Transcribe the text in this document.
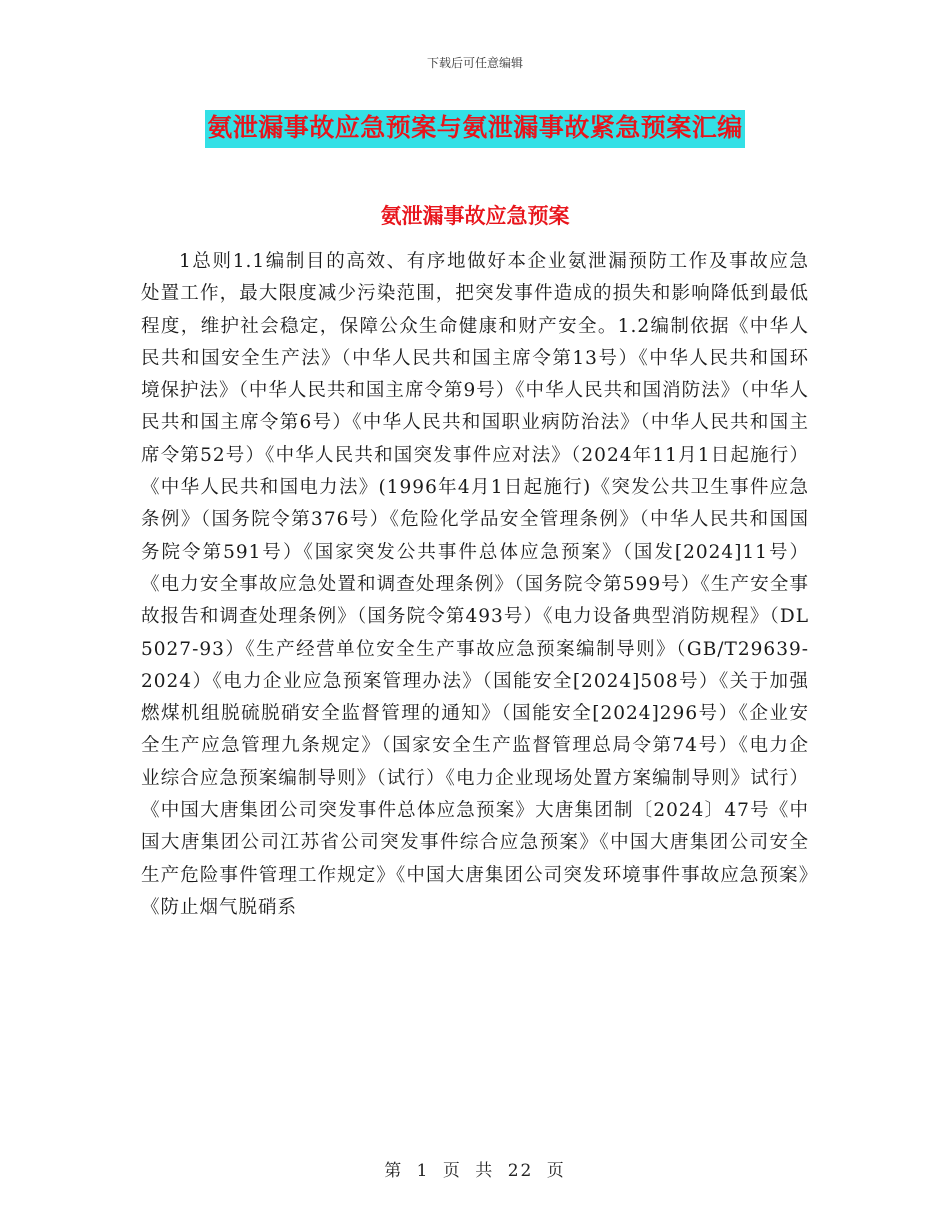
下载后可任意编辑
氨泄漏事故应急预案与氨泄漏事故紧急预案汇编
氨泄漏事故应急预案
1总则1.1编制目的高效、有序地做好本企业氨泄漏预防工作及事故应急处置工作，最大限度减少污染范围，把突发事件造成的损失和影响降低到最低程度，维护社会稳定，保障公众生命健康和财产安全。1.2编制依据《中华人民共和国安全生产法》（中华人民共和国主席令第13号）《中华人民共和国环境保护法》（中华人民共和国主席令第9号）《中华人民共和国消防法》（中华人民共和国主席令第6号）《中华人民共和国职业病防治法》（中华人民共和国主席令第52号）《中华人民共和国突发事件应对法》（2024年11月1日起施行）《中华人民共和国电力法》(1996年4月1日起施行)《突发公共卫生事件应急条例》（国务院令第376号）《危险化学品安全管理条例》（中华人民共和国国务院令第591号）《国家突发公共事件总体应急预案》（国发[2024]11号）《电力安全事故应急处置和调查处理条例》（国务院令第599号）《生产安全事故报告和调查处理条例》（国务院令第493号）《电力设备典型消防规程》（DL5027-93）《生产经营单位安全生产事故应急预案编制导则》（GB/T29639-2024）《电力企业应急预案管理办法》（国能安全[2024]508号）《关于加强燃煤机组脱硫脱硝安全监督管理的通知》（国能安全[2024]296号）《企业安全生产应急管理九条规定》（国家安全生产监督管理总局令第74号）《电力企业综合应急预案编制导则》（试行）《电力企业现场处置方案编制导则》试行）《中国大唐集团公司突发事件总体应急预案》大唐集团制〔2024〕47号《中国大唐集团公司江苏省公司突发事件综合应急预案》《中国大唐集团公司安全生产危险事件管理工作规定》《中国大唐集团公司突发环境事件事故应急预案》《防止烟气脱硝系
第 1 页 共 22 页
